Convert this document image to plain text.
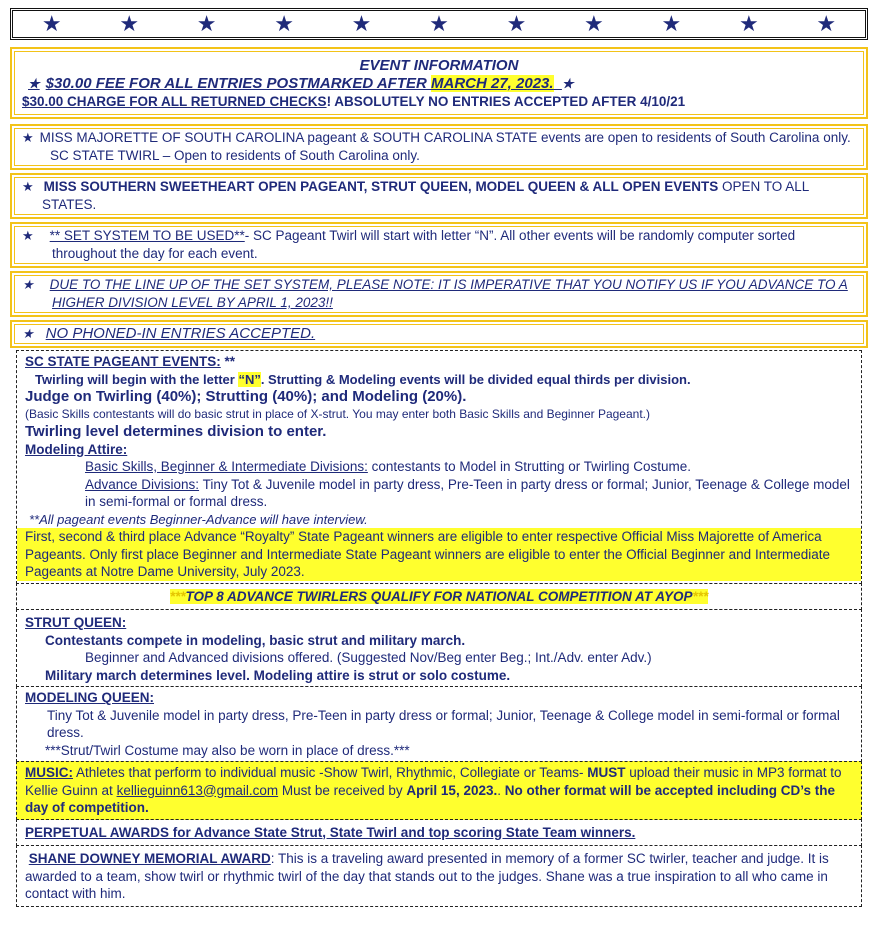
★	★	★	★	★	★	★	★	★	★	★
EVENT INFORMATION
★ $30.00 FEE FOR ALL ENTRIES POSTMARKED AFTER MARCH 27, 2023. ★
$30.00 CHARGE FOR ALL RETURNED CHECKS! ABSOLUTELY NO ENTRIES ACCEPTED AFTER 4/10/21
★ MISS MAJORETTE OF SOUTH CAROLINA pageant & SOUTH CAROLINA STATE events are open to residents of South Carolina only.
SC STATE TWIRL – Open to residents of South Carolina only.
★ MISS SOUTHERN SWEETHEART OPEN PAGEANT, STRUT QUEEN, MODEL QUEEN & ALL OPEN EVENTS OPEN TO ALL STATES.
★ ** SET SYSTEM TO BE USED**- SC Pageant Twirl will start with letter “N”. All other events will be randomly computer sorted throughout the day for each event.
★ DUE TO THE LINE UP OF THE SET SYSTEM, PLEASE NOTE: IT IS IMPERATIVE THAT YOU NOTIFY US IF YOU ADVANCE TO A HIGHER DIVISION LEVEL BY APRIL 1, 2023!!
★ NO PHONED-IN ENTRIES ACCEPTED.
SC STATE PAGEANT EVENTS: **
Twirling will begin with the letter “N”. Strutting & Modeling events will be divided equal thirds per division.
Judge on Twirling (40%); Strutting (40%); and Modeling (20%).
(Basic Skills contestants will do basic strut in place of X-strut. You may enter both Basic Skills and Beginner Pageant.)
Twirling level determines division to enter.
Modeling Attire:
Basic Skills, Beginner & Intermediate Divisions: contestants to Model in Strutting or Twirling Costume.
Advance Divisions: Tiny Tot & Juvenile model in party dress, Pre-Teen in party dress or formal; Junior, Teenage & College model in semi-formal or formal dress.
**All pageant events Beginner-Advance will have interview.
First, second & third place Advance “Royalty” State Pageant winners are eligible to enter respective Official Miss Majorette of America Pageants. Only first place Beginner and Intermediate State Pageant winners are eligible to enter the Official Beginner and Intermediate Pageants at Notre Dame University, July 2023.
***TOP 8 ADVANCE TWIRLERS QUALIFY FOR NATIONAL COMPETITION AT AYOP***
STRUT QUEEN:
Contestants compete in modeling, basic strut and military march.
Beginner and Advanced divisions offered. (Suggested Nov/Beg enter Beg.; Int./Adv. enter Adv.)
Military march determines level. Modeling attire is strut or solo costume.
MODELING QUEEN:
Tiny Tot & Juvenile model in party dress, Pre-Teen in party dress or formal; Junior, Teenage & College model in semi-formal or formal dress.
***Strut/Twirl Costume may also be worn in place of dress.***
MUSIC: Athletes that perform to individual music -Show Twirl, Rhythmic, Collegiate or Teams- MUST upload their music in MP3 format to Kellie Guinn at kellieguinn613@gmail.com Must be received by April 15, 2023.. No other format will be accepted including CD’s the day of competition.
PERPETUAL AWARDS for Advance State Strut, State Twirl and top scoring State Team winners.
SHANE DOWNEY MEMORIAL AWARD: This is a traveling award presented in memory of a former SC twirler, teacher and judge. It is awarded to a team, show twirl or rhythmic twirl of the day that stands out to the judges. Shane was a true inspiration to all who came in contact with him.
